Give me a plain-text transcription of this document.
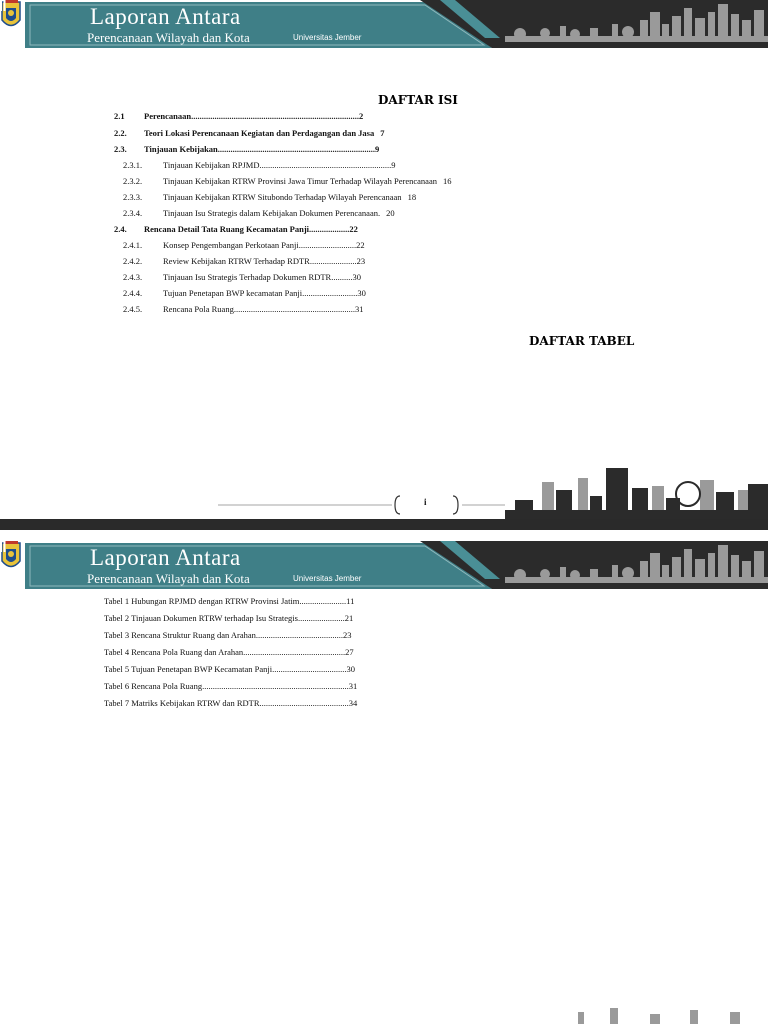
Laporan Antara
Perencanaan Wilayah dan Kota	Universitas Jember
DAFTAR ISI
2.1 Perencanaan...............................................................................2
2.2. Teori Lokasi Perencanaan Kegiatan dan Perdagangan dan Jasa 7
2.3. Tinjauan Kebijakan..........................................................................9
2.3.1. Tinjauan Kebijakan RPJMD..............................................................9
2.3.2. Tinjauan Kebijakan RTRW Provinsi Jawa Timur Terhadap Wilayah Perencanaan 16
2.3.3. Tinjauan Kebijakan RTRW Situbondo Terhadap Wilayah Perencanaan 18
2.3.4. Tinjauan Isu Strategis dalam Kebijakan Dokumen Perencanaan. 20
2.4. Rencana Detail Tata Ruang Kecamatan Panji...................22
2.4.1. Konsep Pengembangan Perkotaan Panji...........................22
2.4.2. Review Kebijakan RTRW Terhadap RDTR......................23
2.4.3. Tinjauan Isu Strategis Terhadap Dokumen RDTR..........30
2.4.4. Tujuan Penetapan BWP kecamatan Panji..........................30
2.4.5. Rencana Pola Ruang.........................................................31
DAFTAR TABEL
i
Laporan Antara
Perencanaan Wilayah dan Kota	Universitas Jember
Tabel 1 Hubungan RPJMD dengan RTRW Provinsi Jatim......................11
Tabel 2 Tinjauan Dokumen RTRW terhadap Isu Strategis......................21
Tabel 3 Rencana Struktur Ruang dan Arahan.........................................23
Tabel 4 Rencana Pola Ruang dan Arahan................................................27
Tabel 5 Tujuan Penetapan BWP Kecamatan Panji...................................30
Tabel 6 Rencana Pola Ruang.....................................................................31
Tabel 7 Matriks Kebijakan RTRW dan RDTR..........................................34
